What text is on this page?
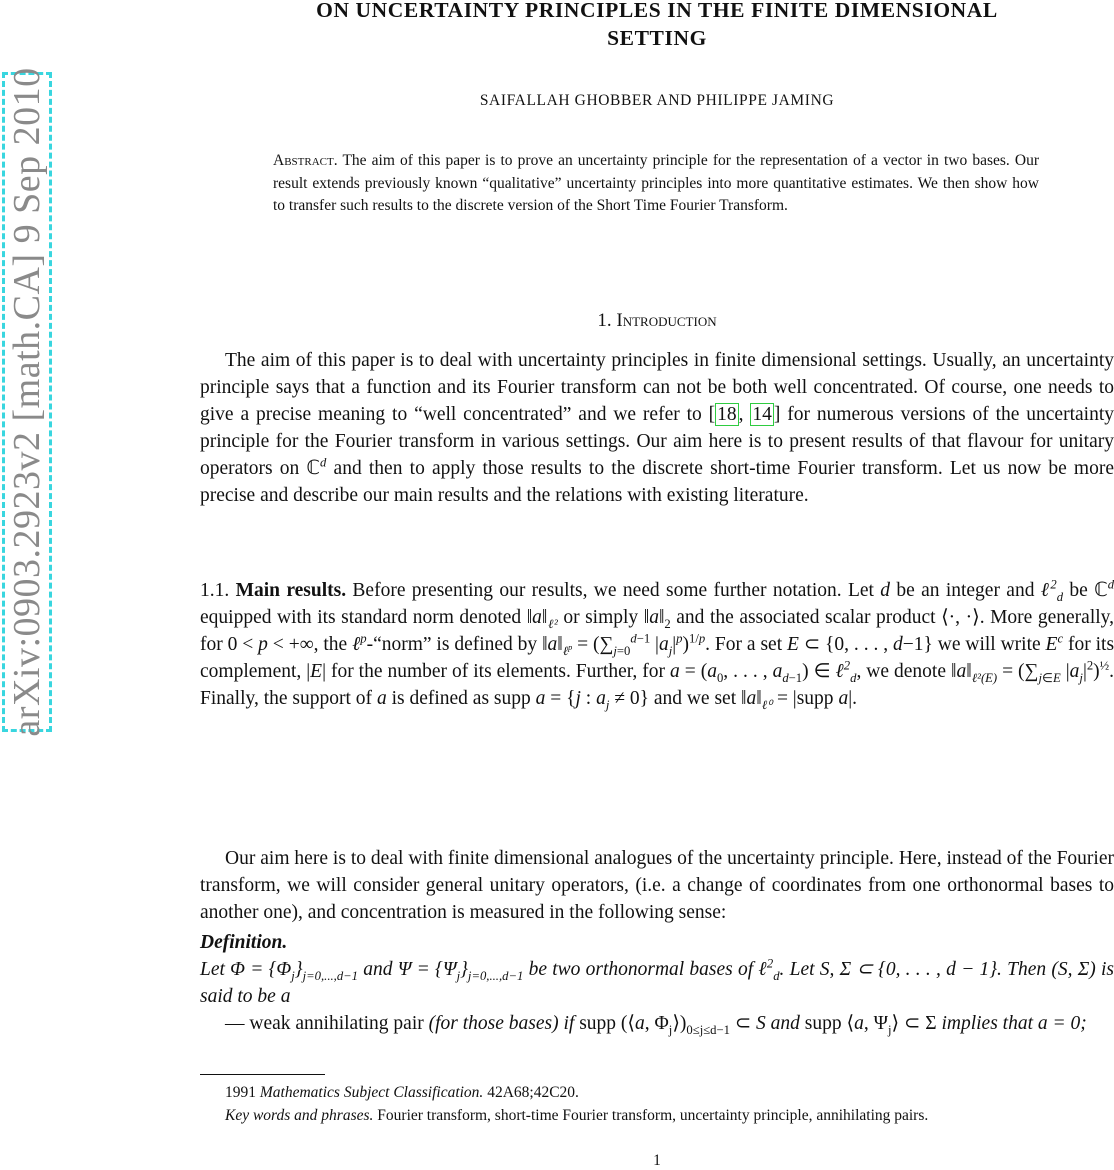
arXiv:0903.2923v2 [math.CA] 9 Sep 2010
ON UNCERTAINTY PRINCIPLES IN THE FINITE DIMENSIONAL
SETTING
SAIFALLAH GHOBBER AND PHILIPPE JAMING
Abstract. The aim of this paper is to prove an uncertainty principle for the representation of a vector in two bases. Our result extends previously known “qualitative” uncertainty principles into more quantitative estimates. We then show how to transfer such results to the discrete version of the Short Time Fourier Transform.
1. Introduction
The aim of this paper is to deal with uncertainty principles in finite dimensional settings. Usually, an uncertainty principle says that a function and its Fourier transform can not be both well concentrated. Of course, one needs to give a precise meaning to “well concentrated” and we refer to [ 18 , 14 ] for numerous versions of the uncertainty principle for the Fourier transform in various settings. Our aim here is to present results of that flavour for unitary operators on ℂ$^d$ and then to apply those results to the discrete short-time Fourier transform. Let us now be more precise and describe our main results and the relations with existing literature.
1.1. Main results. Before presenting our results, we need some further notation. Let d be an integer and ℓ$^2_d$ be ℂ$^d$ equipped with its standard norm denoted $‖a‖_{\ell^2}$ or simply $‖a‖_2$ and the associated scalar product ⟨·, ·⟩. More generally, for 0 < p < +∞, the ℓ$^p$-“norm” is defined by $‖a‖_{\ell^p} = (\sum_{j=0}^{d-1}$ $|a_j|^p)^{1/p}$. For a set E ⊂ {0, . . . , d−1} we will write $E^c$ for its complement, |E| for the number of its elements. Further, for $a = (a_0$, . . . , $a_{d-1}$) ∈ ℓ$^2_d$, we denote $‖a‖_{\ell^2(E)} = (\sum_{j\in E}$ $|a_j|^2)^{\frac{1}{2}}$. Finally, the support of a is defined as supp a = {j : $a_j \ne 0$} and we set $‖a‖_{\ell^0}$ = |supp a|.
Our aim here is to deal with finite dimensional analogues of the uncertainty principle. Here, instead of the Fourier transform, we will consider general unitary operators, (i.e. a change of coordinates from one orthonormal bases to another one), and concentration is measured in the following sense:
Definition.
Let $\Phi = \{\Phi_j\}_{j=0,...,d-1}$ and $\Psi = \{\Psi_j\}_{j=0,...,d-1}$ be two orthonormal bases of ℓ$^2_d$. Let S, Σ ⊂ {0, . . . , d − 1}. Then (S, Σ) is said to be a
— weak annihilating pair (for those bases) if supp (⟨a, $\Phi_j⟩)_{0\le j\le d-1}$ ⊂ S and supp ⟨a, $\Psi_j⟩$ ⊂ Σ implies that a = 0;
1991 Mathematics Subject Classification. 42A68;42C20.
Key words and phrases. Fourier transform, short-time Fourier transform, uncertainty principle, annihilating pairs.
1
